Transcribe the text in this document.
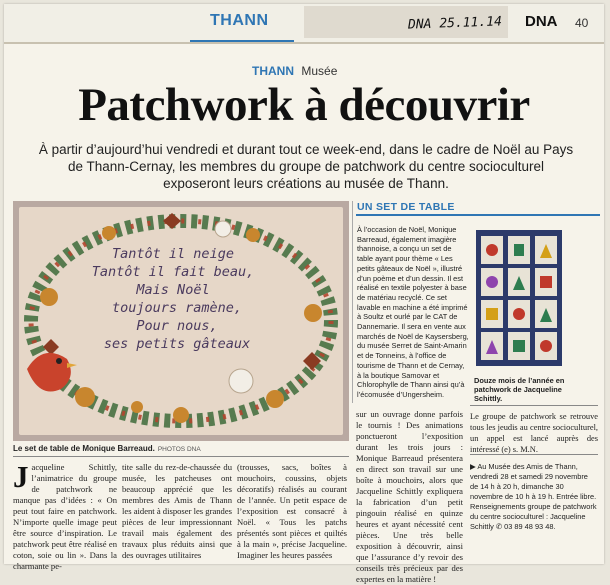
THANN	DNA 25.11.14 DNA 40
THANN Musée
Patchwork à découvrir
À partir d’aujourd’hui vendredi et durant tout ce week-end, dans le cadre de Noël au Pays de Thann-Cernay, les membres du groupe de patchwork du centre socioculturel exposeront leurs créations au musée de Thann.
Tantôt il neige
Tantôt il fait beau,
Mais Noël
toujours ramène,
Pour nous,
ses petits gâteaux
Le set de table de Monique Barreaud. PHOTOS DNA
Jacqueline Schittly, l’animatrice du groupe de patchwork ne manque pas d’idées : « On peut tout faire en patchwork. N’importe quelle image peut être source d’inspiration. Le patchwork peut être réalisé en coton, soie ou lin ». Dans la charmante pe-
tite salle du rez-de-chaussée du musée, les patcheuses ont beaucoup apprécié que les membres des Amis de Thann les aident à disposer les grandes pièces de leur impressionnant travail mais également des travaux plus réduits ainsi que des ouvrages utilitaires
(trousses, sacs, boîtes à mouchoirs, coussins, objets décoratifs) réalisés au courant de l’année. Un petit espace de l’exposition est consacré à Noël. « Tous les patchs présentés sont pièces et quiltés à la main », précise Jacqueline. Imaginer les heures passées
sur un ouvrage donne parfois le tournis ! Des animations ponctueront l’exposition durant les trois jours : Monique Barreaud présentera en direct son travail sur une boîte à mouchoirs, alors que Jacqueline Schittly expliquera la fabrication d’un petit pingouin réalisé en quinze heures et ayant nécessité cent pièces. Une très belle exposition à découvrir, ainsi que l’assurance d’y revoir des conseils très précieux par des expertes en la matière !
UN SET DE TABLE
À l’occasion de Noël, Monique Barreaud, également imagière thannoise, a conçu un set de table ayant pour thème « Les petits gâteaux de Noël », illustré d’un poème et d’un dessin. Il est réalisé en textile polyester à base de matériau recyclé. Ce set lavable en machine a été imprimé à Soultz et ourlé par le CAT de Dannemarie. Il sera en vente aux marchés de Noël de Kaysersberg, du musée Serret de Saint-Amarin et de Tonneins, à l’office de tourisme de Thann et de Cernay, à la boutique Samovar et Chlorophylle de Thann ainsi qu’à l’écomusée d’Ungersheim.
Douze mois de l’année en patchwork de Jacqueline Schittly.
Le groupe de patchwork se retrouve tous les jeudis au centre socioculturel, un appel est lancé auprès des intéressé (e) s. M.N.
▶ Au Musée des Amis de Thann, vendredi 28 et samedi 29 novembre de 14 h à 20 h, dimanche 30 novembre de 10 h à 19 h. Entrée libre. Renseignements groupe de patchwork du centre socioculturel : Jacqueline Schittly ✆ 03 89 48 93 48.
